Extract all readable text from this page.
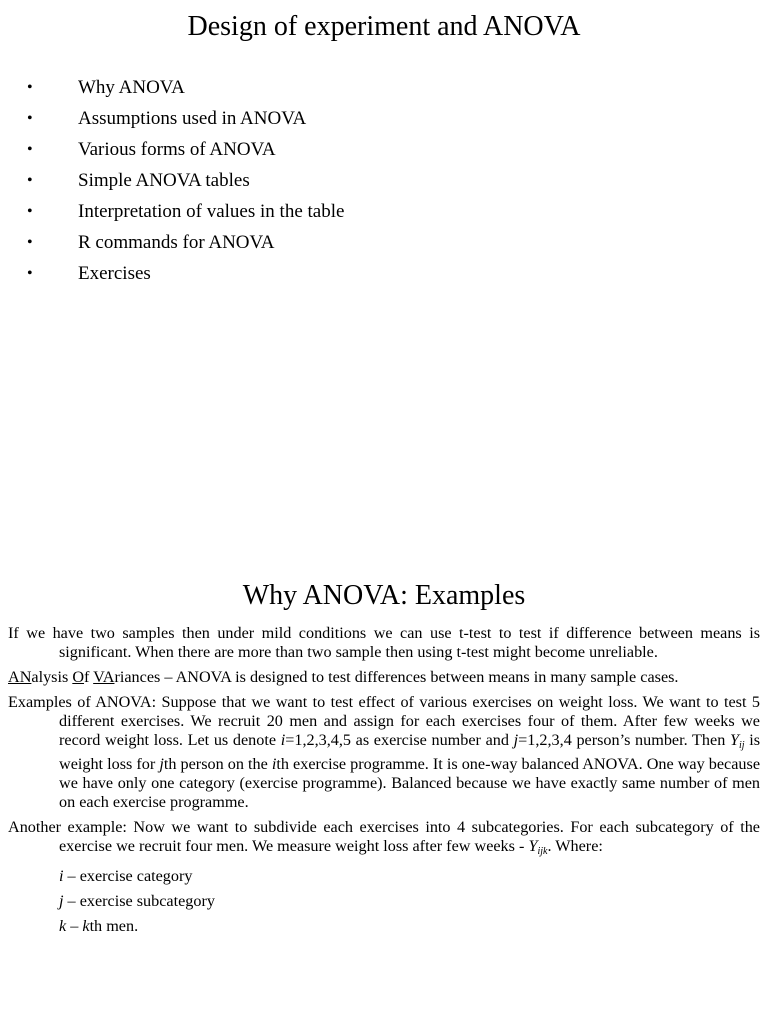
Design of experiment and ANOVA
• Why ANOVA
• Assumptions used in ANOVA
• Various forms of ANOVA
• Simple ANOVA tables
• Interpretation of values in the table
• R commands for ANOVA
• Exercises
Why ANOVA: Examples

If we have two samples then under mild conditions we can use t-test to test if difference between means is significant. When there are more than two sample then using t-test might become unreliable.

ANalysis Of VAriances – ANOVA is designed to test differences between means in many sample cases.

Examples of ANOVA: Suppose that we want to test effect of various exercises on weight loss. We want to test 5 different exercises. We recruit 20 men and assign for each exercises four of them. After few weeks we record weight loss. Let us denote i=1,2,3,4,5 as exercise number and j=1,2,3,4 person’s number. Then Yij is weight loss for jth person on the ith exercise programme. It is one-way balanced ANOVA. One way because we have only one category (exercise programme). Balanced because we have exactly same number of men on each exercise programme.

Another example: Now we want to subdivide each exercises into 4 subcategories. For each subcategory of the exercise we recruit four men. We measure weight loss after few weeks - Yijk. Where:

i – exercise category

j – exercise subcategory

k – kth men.
